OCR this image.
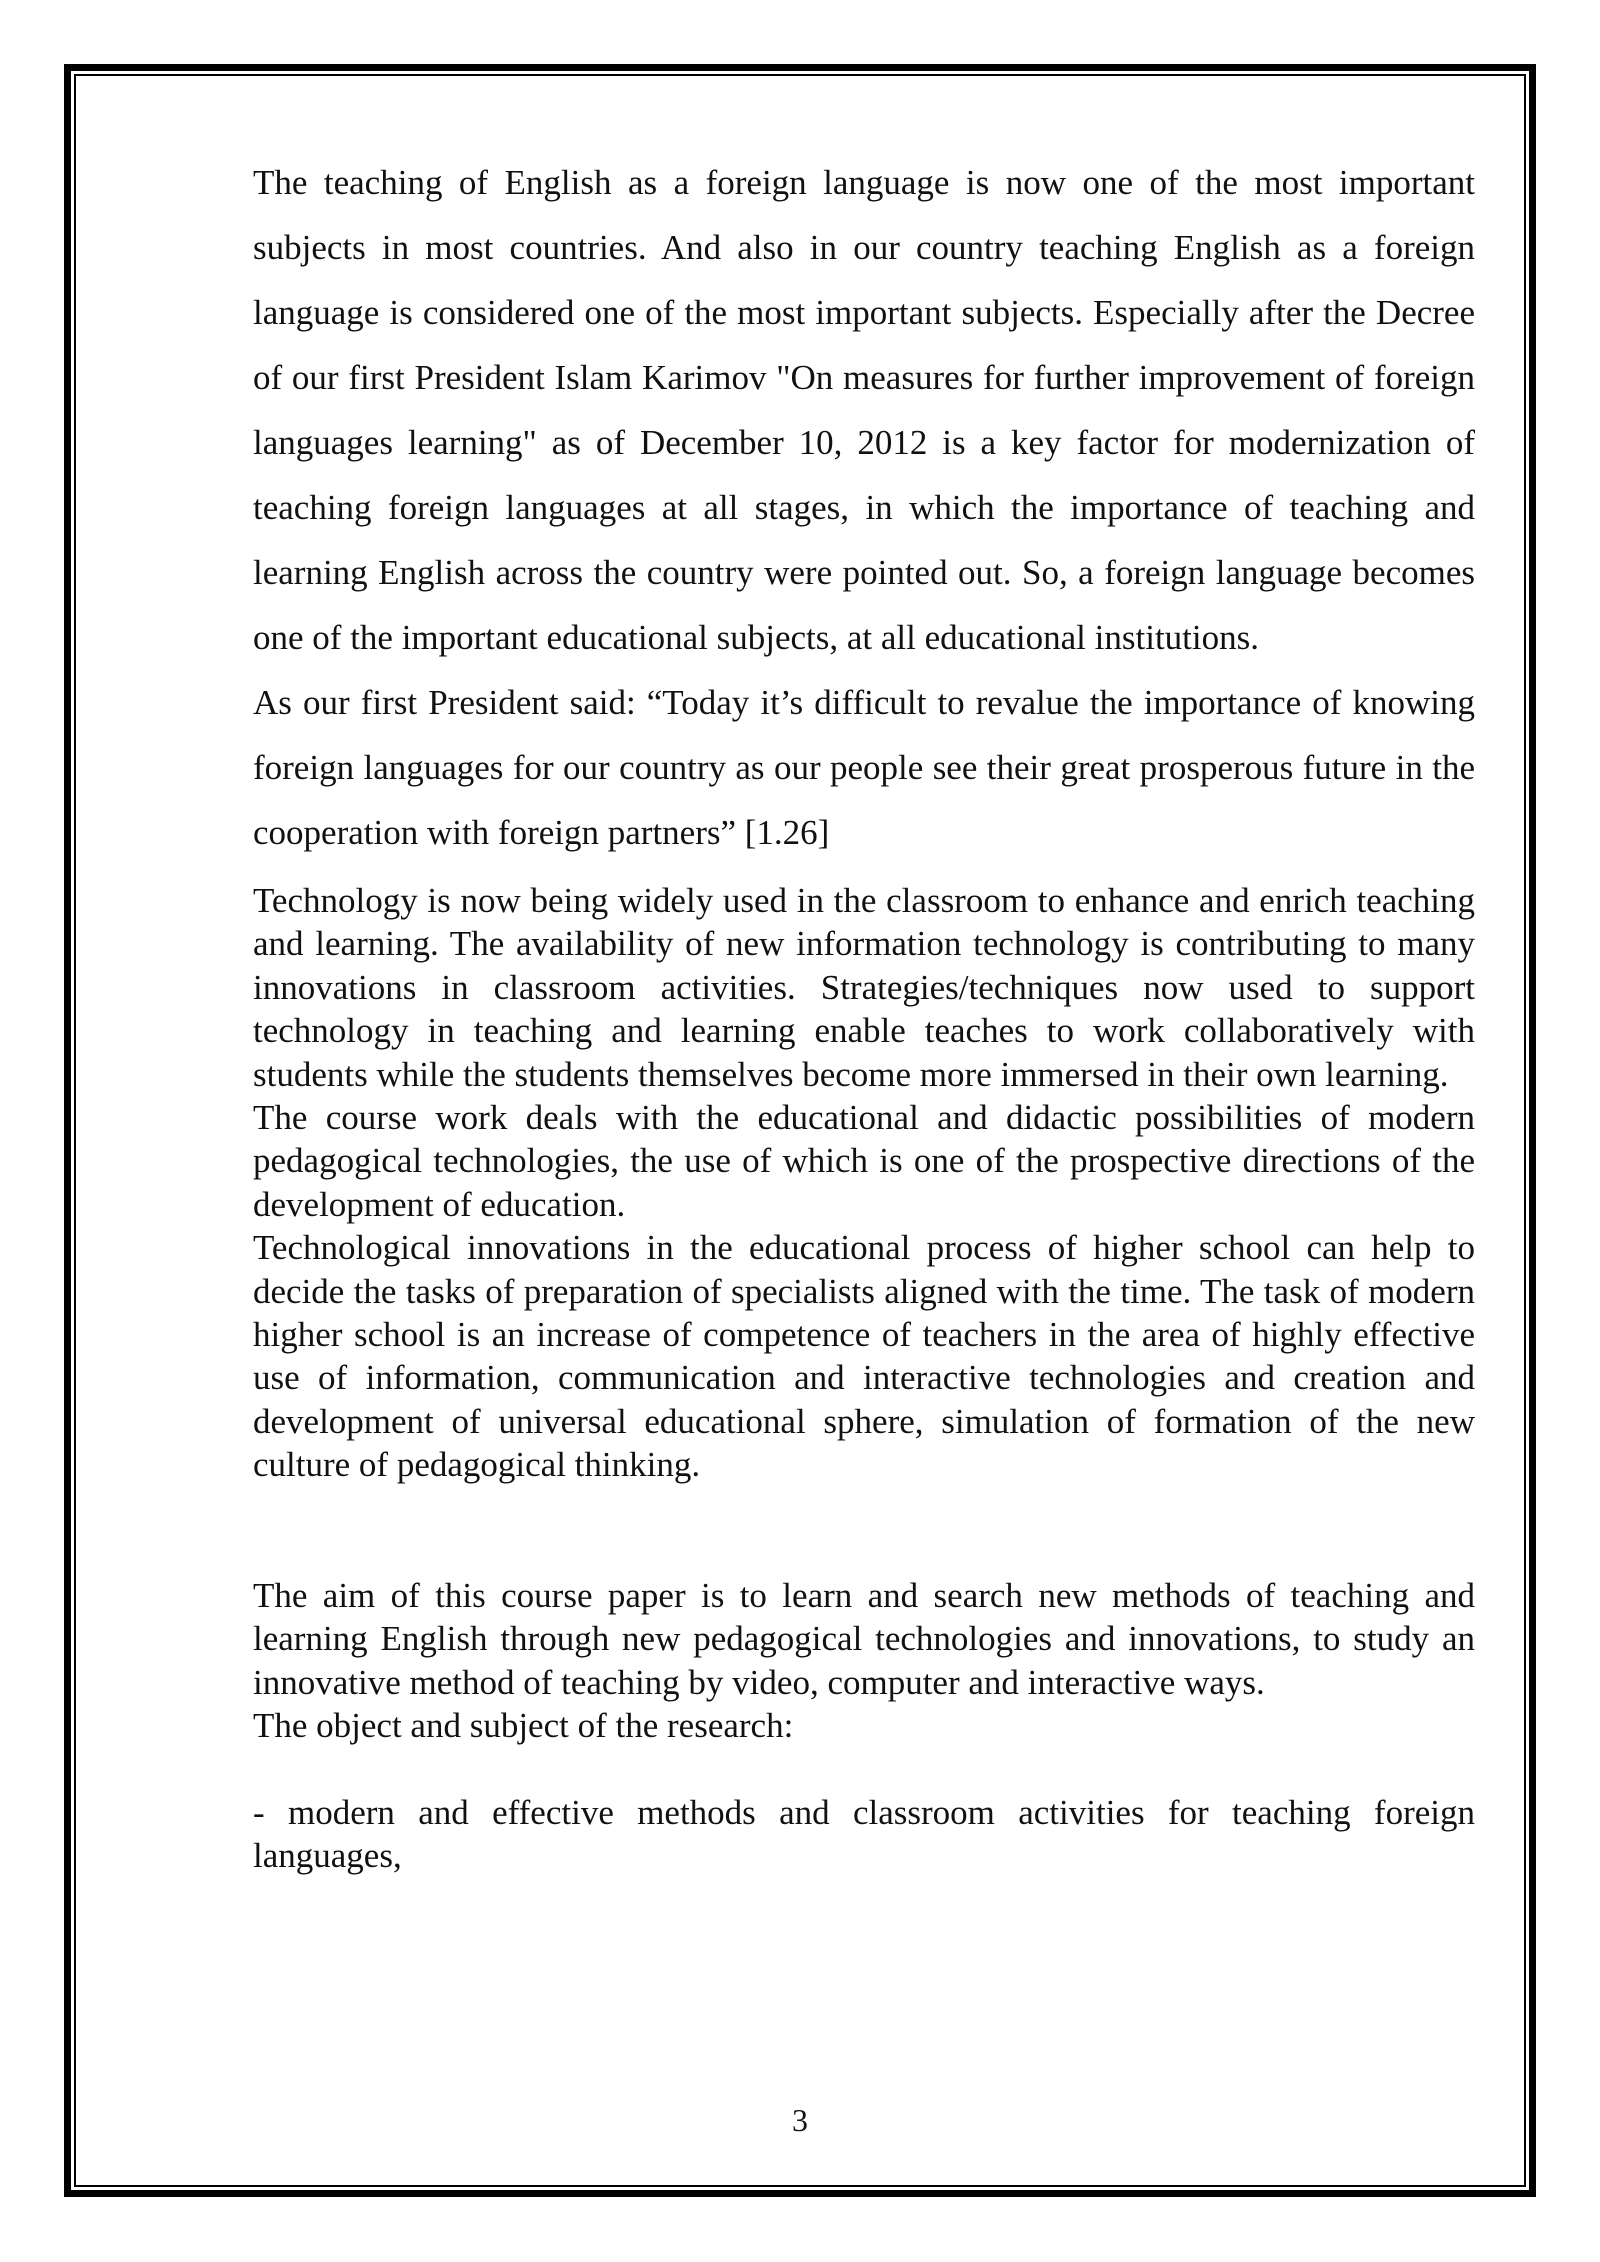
The teaching of English as a foreign language is now one of the most important subjects in most countries. And also in our country teaching English as a foreign language is considered one of the most important subjects. Especially after the Decree of our first President Islam Karimov "On measures for further improvement of foreign languages learning" as of December 10, 2012 is a key factor for modernization of teaching foreign languages at all stages, in which the importance of teaching and learning English across the country were pointed out. So, a foreign language becomes one of the important educational subjects, at all educational institutions.

As our first President said: “Today it’s difficult to revalue the importance of knowing foreign languages for our country as our people see their great prosperous future in the cooperation with foreign partners” [1.26]

Technology is now being widely used in the classroom to enhance and enrich teaching and learning. The availability of new information technology is contributing to many innovations in classroom activities. Strategies/techniques now used to support technology in teaching and learning enable teaches to work collaboratively with students while the students themselves become more immersed in their own learning.

The course work deals with the educational and didactic possibilities of modern pedagogical technologies, the use of which is one of the prospective directions of the development of education.

Technological innovations in the educational process of higher school can help to decide the tasks of preparation of specialists aligned with the time. The task of modern higher school is an increase of competence of teachers in the area of highly effective use of information, communication and interactive technologies and creation and development of universal educational sphere, simulation of formation of the new culture of pedagogical thinking.

The aim of this course paper is to learn and search new methods of teaching and learning English through new pedagogical technologies and innovations, to study an innovative method of teaching by video, computer and interactive ways.

The object and subject of the research:

- modern and effective methods and classroom activities for teaching foreign languages,

3
